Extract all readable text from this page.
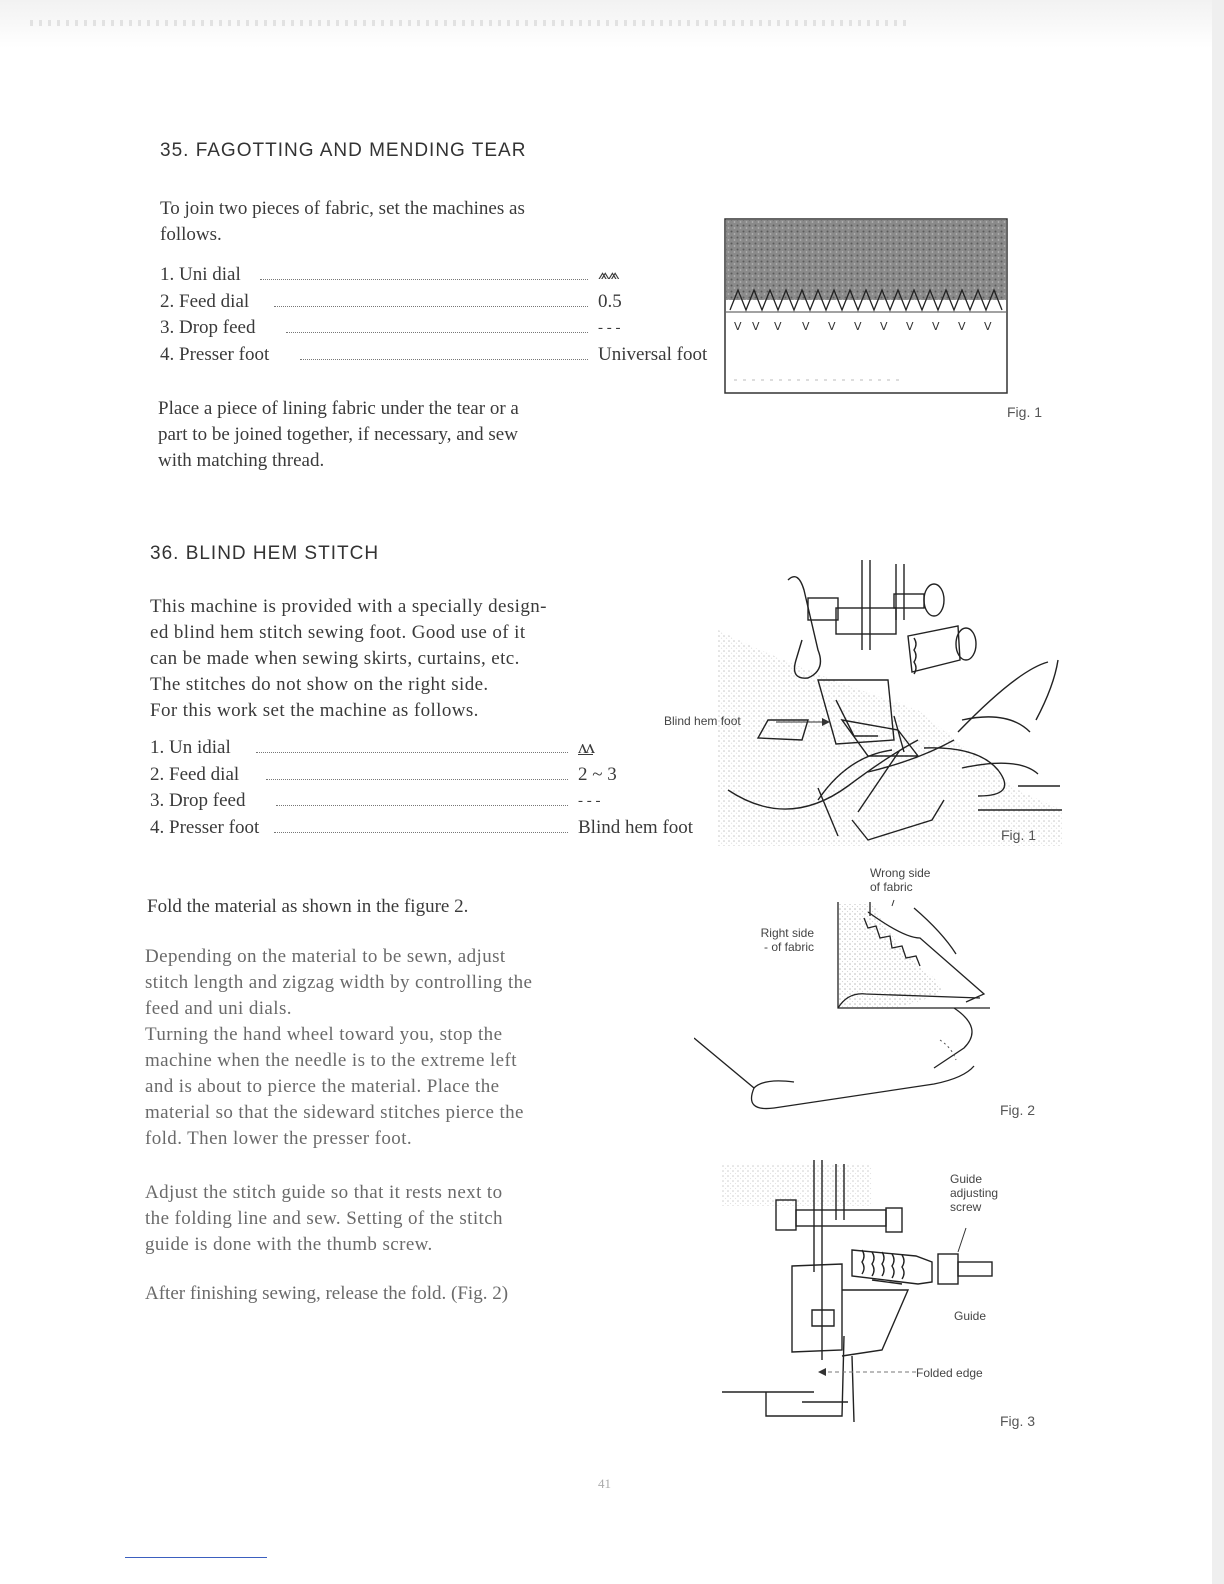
35. FAGOTTING AND MENDING TEAR

To join two pieces of fabric, set the machines as
follows.

1. Uni dial	⩕⩕
2. Feed dial	0.5
3. Drop feed	- - -
4. Presser foot	Universal foot

Place a piece of lining fabric under the tear or a
part to be joined together, if necessary, and sew
with matching thread.

V V V V V V V V V V V
Fig. 1
36. BLIND HEM STITCH

This machine is provided with a specially design-
ed blind hem stitch sewing foot. Good use of it
can be made when sewing skirts, curtains, etc.
The stitches do not show on the right side.
For this work set the machine as follows.

1. Un idial	ᴧᴧ
2. Feed dial	2 ~ 3
3. Drop feed	- - -
4. Presser foot	Blind hem foot

Fold the material as shown in the figure 2.

Depending on the material to be sewn, adjust
stitch length and zigzag width by controlling the
feed and uni dials.
Turning the hand wheel toward you, stop the
machine when the needle is to the extreme left
and is about to pierce the material. Place the
material so that the sideward stitches pierce the
fold. Then lower the presser foot.

Adjust the stitch guide so that it rests next to
the folding line and sew. Setting of the stitch
guide is done with the thumb screw.

After finishing sewing, release the fold. (Fig. 2)

Blind hem foot
Fig. 1
Wrong side
of fabric
Right side
- of fabric
Fig. 2
Guide
adjusting
screw
Guide
Folded edge
Fig. 3
41
